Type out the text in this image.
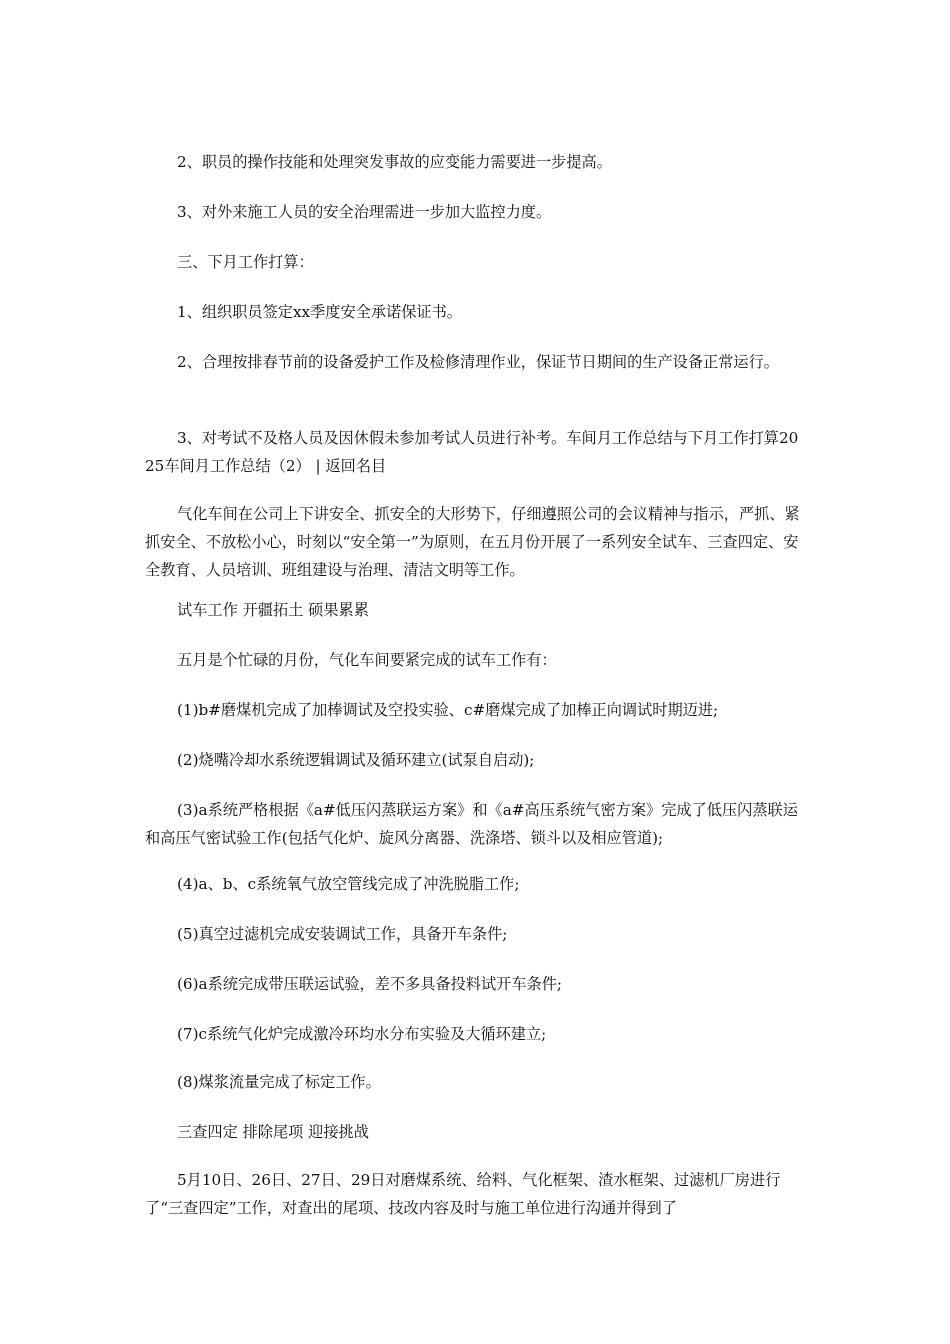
2、职员的操作技能和处理突发事故的应变能力需要进一步提高。

3、对外来施工人员的安全治理需进一步加大监控力度。

三、下月工作打算：

1、组织职员签定xx季度安全承诺保证书。

2、合理按排春节前的设备爱护工作及检修清理作业，保证节日期间的生产设备正常运行。

3、对考试不及格人员及因休假未参加考试人员进行补考。车间月工作总结与下月工作打算2025车间月工作总结（2） | 返回名目

气化车间在公司上下讲安全、抓安全的大形势下，仔细遵照公司的会议精神与指示，严抓、紧抓安全、不放松小心，时刻以“安全第一”为原则，在五月份开展了一系列安全试车、三查四定、安全教育、人员培训、班组建设与治理、清洁文明等工作。

试车工作 开疆拓土 硕果累累

五月是个忙碌的月份，气化车间要紧完成的试车工作有：

(1)b#磨煤机完成了加棒调试及空投实验、c#磨煤完成了加棒正向调试时期迈进;

(2)烧嘴冷却水系统逻辑调试及循环建立(试泵自启动);

(3)a系统严格根据《a#低压闪蒸联运方案》和《a#高压系统气密方案》完成了低压闪蒸联运和高压气密试验工作(包括气化炉、旋风分离器、洗涤塔、锁斗以及相应管道);

(4)a、b、c系统氧气放空管线完成了冲洗脱脂工作;

(5)真空过滤机完成安装调试工作，具备开车条件;

(6)a系统完成带压联运试验，差不多具备投料试开车条件;

(7)c系统气化炉完成激冷环均水分布实验及大循环建立;

(8)煤浆流量完成了标定工作。

三查四定 排除尾项 迎接挑战

5月10日、26日、27日、29日对磨煤系统、给料、气化框架、渣水框架、过滤机厂房进行了“三查四定”工作，对查出的尾项、技改内容及时与施工单位进行沟通并得到了
